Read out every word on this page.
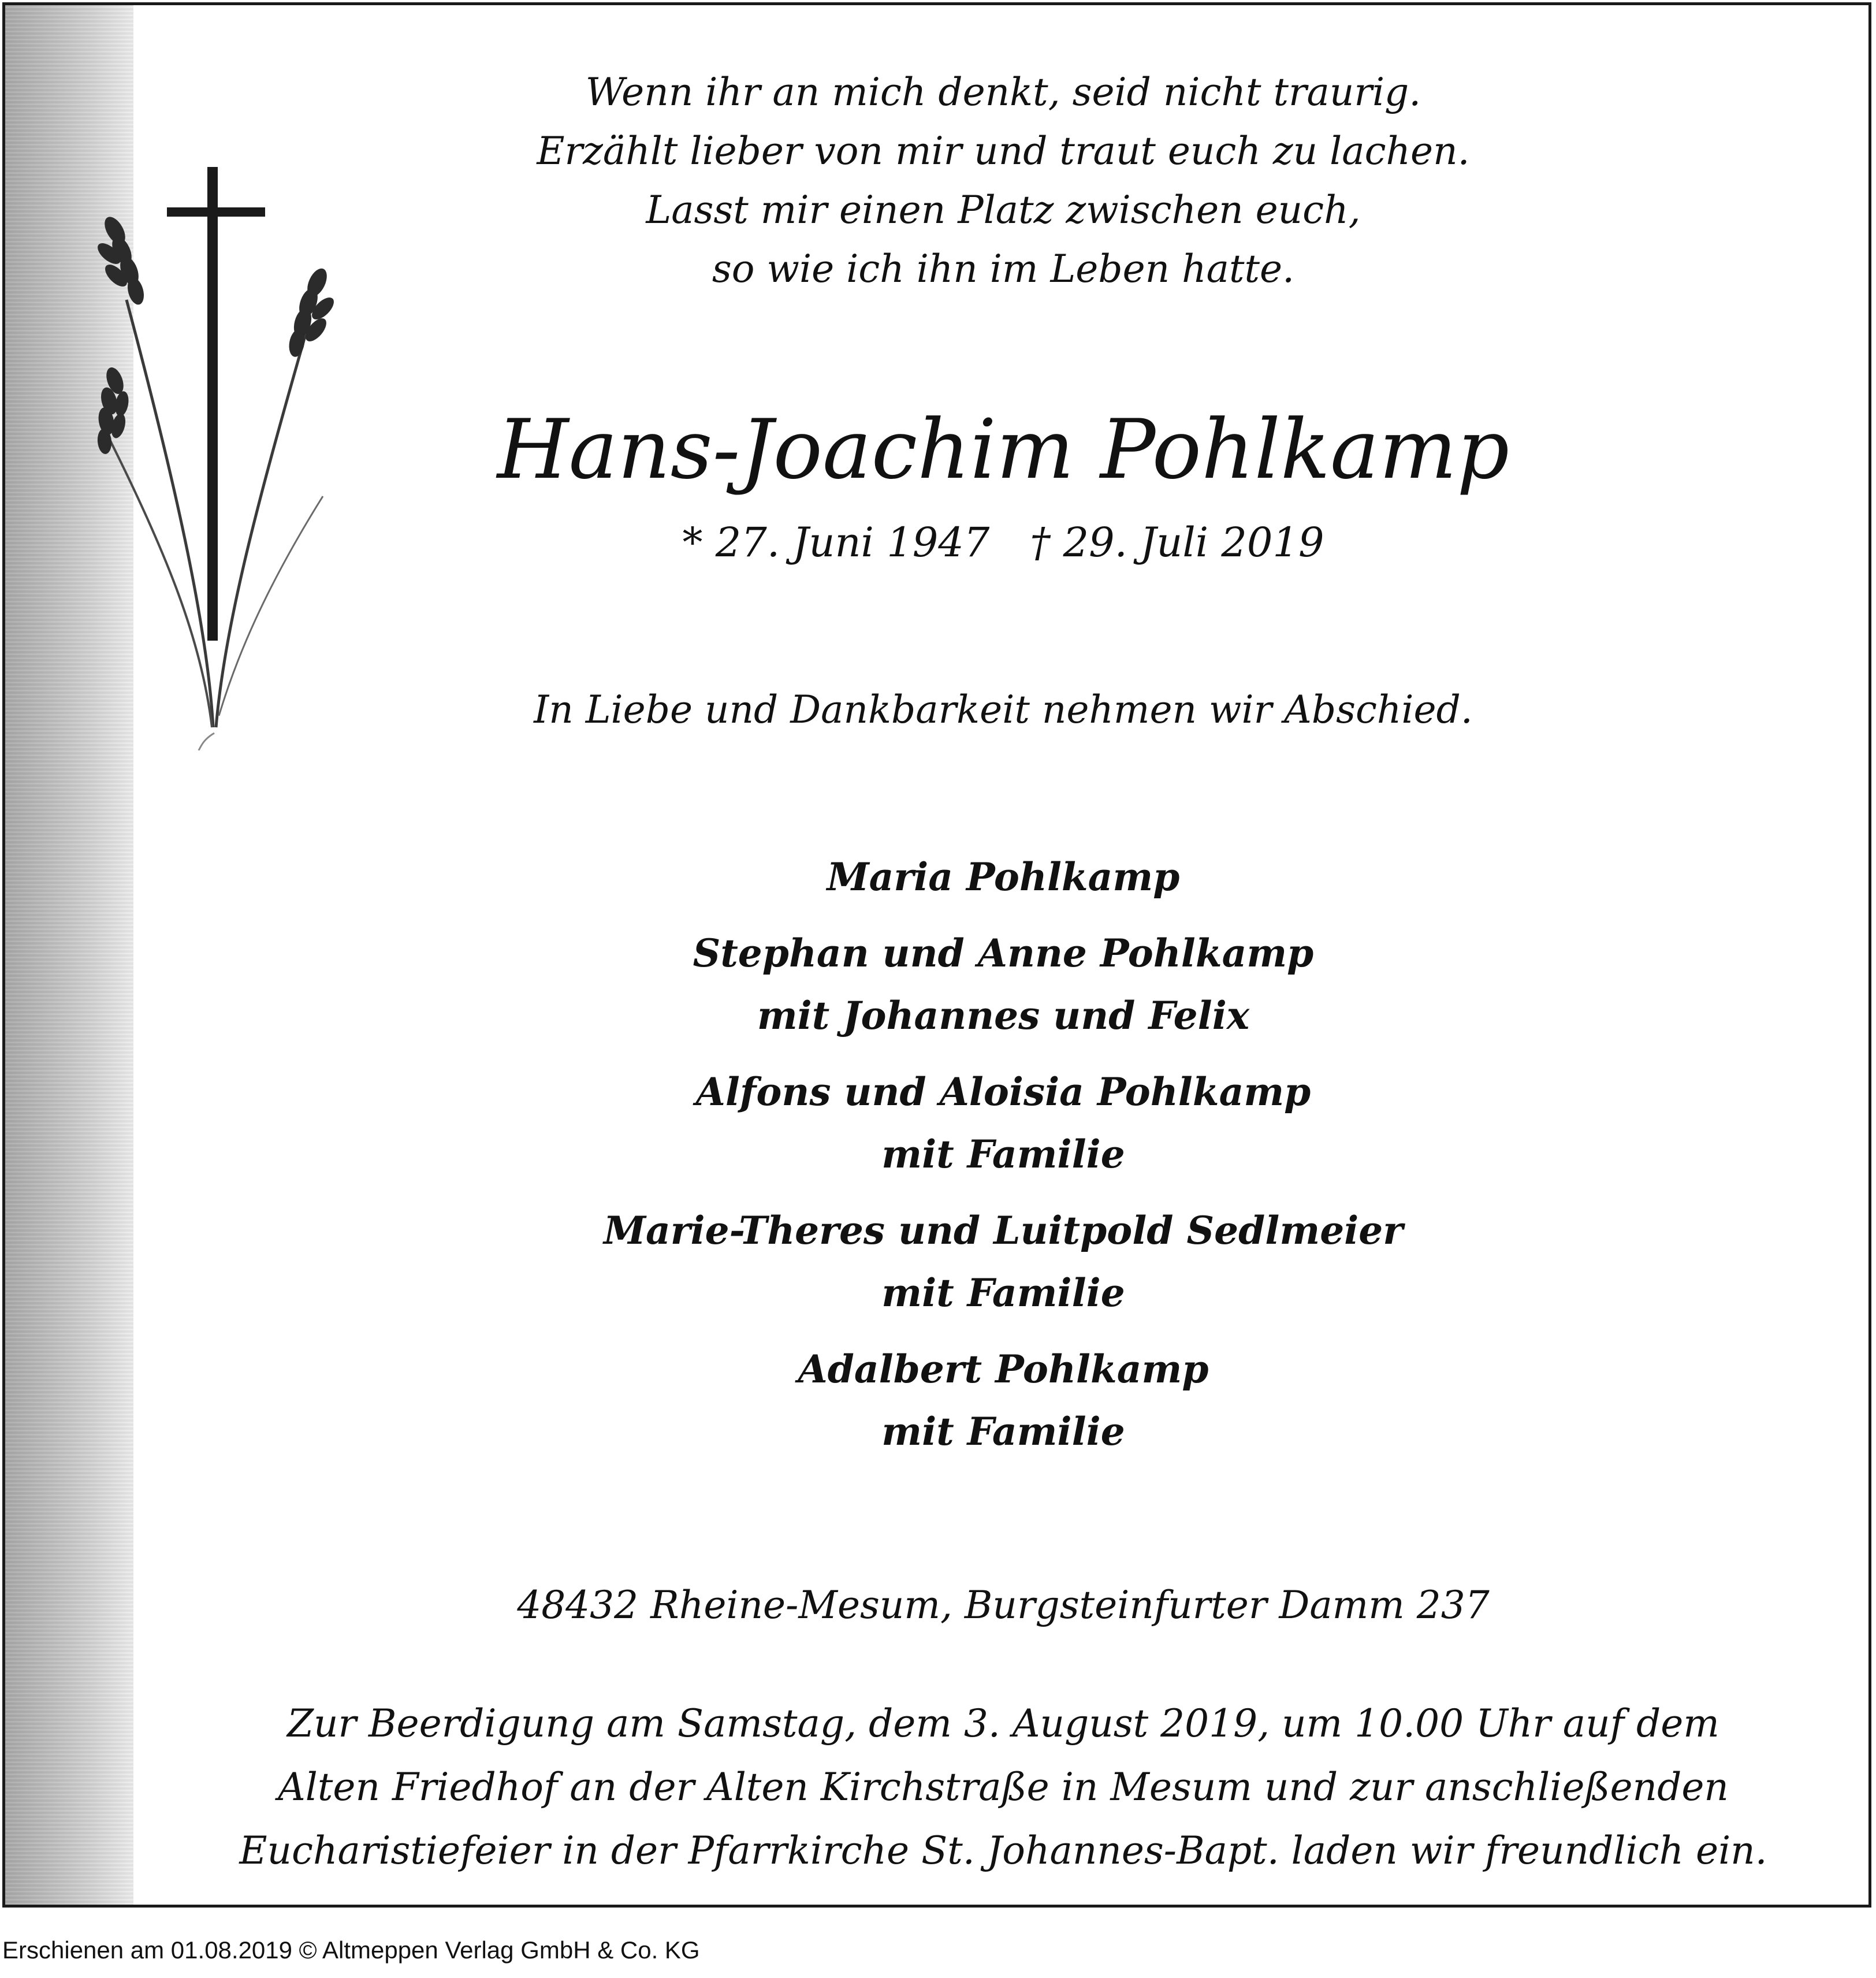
Wenn ihr an mich denkt, seid nicht traurig.
Erzählt lieber von mir und traut euch zu lachen.
Lasst mir einen Platz zwischen euch,
so wie ich ihn im Leben hatte.
Hans-Joachim Pohlkamp
* 27. Juni 1947 † 29. Juli 2019
In Liebe und Dankbarkeit nehmen wir Abschied.
Maria Pohlkamp
Stephan und Anne Pohlkamp
mit Johannes und Felix
Alfons und Aloisia Pohlkamp
mit Familie
Marie-Theres und Luitpold Sedlmeier
mit Familie
Adalbert Pohlkamp
mit Familie
48432 Rheine-Mesum, Burgsteinfurter Damm 237
Zur Beerdigung am Samstag, dem 3. August 2019, um 10.00 Uhr auf dem
Alten Friedhof an der Alten Kirchstraße in Mesum und zur anschließenden
Eucharistiefeier in der Pfarrkirche St. Johannes-Bapt. laden wir freundlich ein.
Erschienen am 01.08.2019 © Altmeppen Verlag GmbH & Co. KG
